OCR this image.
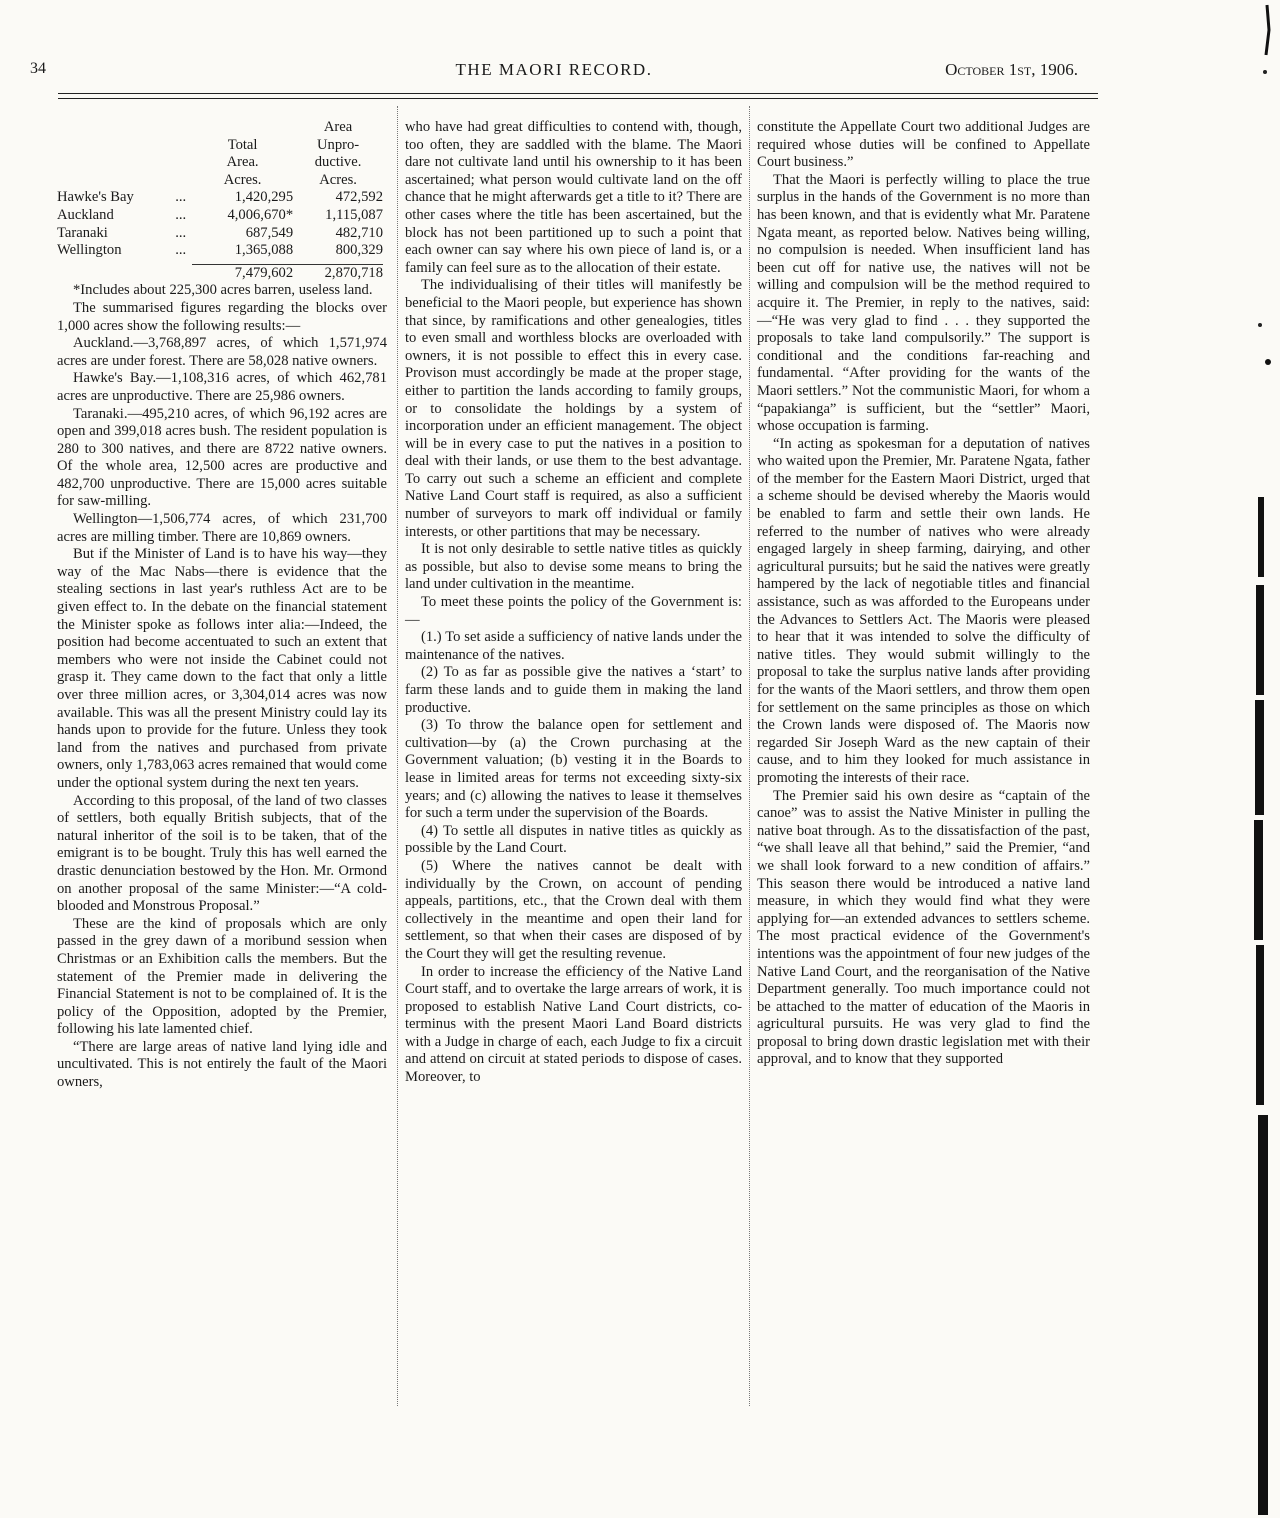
34	THE MAORI RECORD.	October 1st, 1906.
			Area
		Total	Unpro-
		Area.	ductive.
		Acres.	Acres.
Hawke's Bay	...	1,420,295	472,592
Auckland	...	4,006,670*	1,115,087
Taranaki	...	687,549	482,710
Wellington	...	1,365,088	800,329

		7,479,602	2,870,718

*Includes about 225,300 acres barren, useless land.

The summarised figures regarding the blocks over 1,000 acres show the following results:—

Auckland.—3,768,897 acres, of which 1,571,974 acres are under forest. There are 58,028 native owners.

Hawke's Bay.—1,108,316 acres, of which 462,781 acres are unproductive. There are 25,986 owners.

Taranaki.—495,210 acres, of which 96,192 acres are open and 399,018 acres bush. The resident population is 280 to 300 natives, and there are 8722 native owners. Of the whole area, 12,500 acres are productive and 482,700 unproductive. There are 15,000 acres suitable for saw-milling.

Wellington—1,506,774 acres, of which 231,700 acres are milling timber. There are 10,869 owners.

But if the Minister of Land is to have his way—they way of the Mac Nabs—there is evidence that the stealing sections in last year's ruthless Act are to be given effect to. In the debate on the financial statement the Minister spoke as follows inter alia:—Indeed, the position had become accentuated to such an extent that members who were not inside the Cabinet could not grasp it. They came down to the fact that only a little over three million acres, or 3,304,014 acres was now available. This was all the present Ministry could lay its hands upon to provide for the future. Unless they took land from the natives and purchased from private owners, only 1,783,063 acres remained that would come under the optional system during the next ten years.

According to this proposal, of the land of two classes of settlers, both equally British subjects, that of the natural inheritor of the soil is to be taken, that of the emigrant is to be bought. Truly this has well earned the drastic denunciation bestowed by the Hon. Mr. Ormond on another proposal of the same Minister:—“A cold-blooded and Monstrous Proposal.”

These are the kind of proposals which are only passed in the grey dawn of a moribund session when Christmas or an Exhibition calls the members. But the statement of the Premier made in delivering the Financial Statement is not to be complained of. It is the policy of the Opposition, adopted by the Premier, following his late lamented chief.

“There are large areas of native land lying idle and uncultivated. This is not entirely the fault of the Maori owners,

who have had great difficulties to contend with, though, too often, they are saddled with the blame. The Maori dare not cultivate land until his ownership to it has been ascertained; what person would cultivate land on the off chance that he might afterwards get a title to it? There are other cases where the title has been ascertained, but the block has not been partitioned up to such a point that each owner can say where his own piece of land is, or a family can feel sure as to the allocation of their estate.

The individualising of their titles will manifestly be beneficial to the Maori people, but experience has shown that since, by ramifications and other genealogies, titles to even small and worthless blocks are overloaded with owners, it is not possible to effect this in every case. Provison must accordingly be made at the proper stage, either to partition the lands according to family groups, or to consolidate the holdings by a system of incorporation under an efficient management. The object will be in every case to put the natives in a position to deal with their lands, or use them to the best advantage. To carry out such a scheme an efficient and complete Native Land Court staff is required, as also a sufficient number of surveyors to mark off individual or family interests, or other partitions that may be necessary.

It is not only desirable to settle native titles as quickly as possible, but also to devise some means to bring the land under cultivation in the meantime.

To meet these points the policy of the Government is:—

(1.) To set aside a sufficiency of native lands under the maintenance of the natives.

(2) To as far as possible give the natives a ‘start’ to farm these lands and to guide them in making the land productive.

(3) To throw the balance open for settlement and cultivation—by (a) the Crown purchasing at the Government valuation; (b) vesting it in the Boards to lease in limited areas for terms not exceeding sixty-six years; and (c) allowing the natives to lease it themselves for such a term under the supervision of the Boards.

(4) To settle all disputes in native titles as quickly as possible by the Land Court.

(5) Where the natives cannot be dealt with individually by the Crown, on account of pending appeals, partitions, etc., that the Crown deal with them collectively in the meantime and open their land for settlement, so that when their cases are disposed of by the Court they will get the resulting revenue.

In order to increase the efficiency of the Native Land Court staff, and to overtake the large arrears of work, it is proposed to establish Native Land Court districts, co-terminus with the present Maori Land Board districts with a Judge in charge of each, each Judge to fix a circuit and attend on circuit at stated periods to dispose of cases. Moreover, to

constitute the Appellate Court two additional Judges are required whose duties will be confined to Appellate Court business.”

That the Maori is perfectly willing to place the true surplus in the hands of the Government is no more than has been known, and that is evidently what Mr. Paratene Ngata meant, as reported below. Natives being willing, no compulsion is needed. When insufficient land has been cut off for native use, the natives will not be willing and compulsion will be the method required to acquire it. The Premier, in reply to the natives, said:—“He was very glad to find . . . they supported the proposals to take land compulsorily.” The support is conditional and the conditions far-reaching and fundamental. “After providing for the wants of the Maori settlers.” Not the communistic Maori, for whom a “papakianga” is sufficient, but the “settler” Maori, whose occupation is farming.

“In acting as spokesman for a deputation of natives who waited upon the Premier, Mr. Paratene Ngata, father of the member for the Eastern Maori District, urged that a scheme should be devised whereby the Maoris would be enabled to farm and settle their own lands. He referred to the number of natives who were already engaged largely in sheep farming, dairying, and other agricultural pursuits; but he said the natives were greatly hampered by the lack of negotiable titles and financial assistance, such as was afforded to the Europeans under the Advances to Settlers Act. The Maoris were pleased to hear that it was intended to solve the difficulty of native titles. They would submit willingly to the proposal to take the surplus native lands after providing for the wants of the Maori settlers, and throw them open for settlement on the same principles as those on which the Crown lands were disposed of. The Maoris now regarded Sir Joseph Ward as the new captain of their cause, and to him they looked for much assistance in promoting the interests of their race.

The Premier said his own desire as “captain of the canoe” was to assist the Native Minister in pulling the native boat through. As to the dissatisfaction of the past, “we shall leave all that behind,” said the Premier, “and we shall look forward to a new condition of affairs.” This season there would be introduced a native land measure, in which they would find what they were applying for—an extended advances to settlers scheme. The most practical evidence of the Government's intentions was the appointment of four new judges of the Native Land Court, and the reorganisation of the Native Department generally. Too much importance could not be attached to the matter of education of the Maoris in agricultural pursuits. He was very glad to find the proposal to bring down drastic legislation met with their approval, and to know that they supported
